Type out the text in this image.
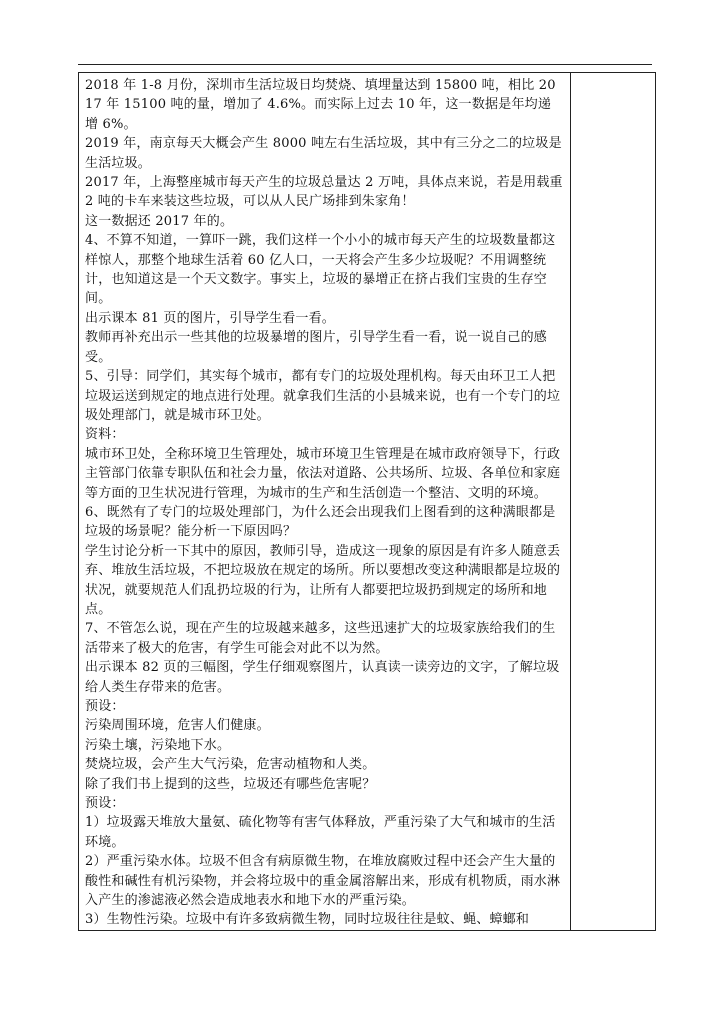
2018 年 1-8 月份，深圳市生活垃圾日均焚烧、填埋量达到 15800 吨，相比 2017 年 15100 吨的量，增加了 4.6%。而实际上过去 10 年，这一数据是年均递增 6%。

2019 年，南京每天大概会产生 8000 吨左右生活垃圾，其中有三分之二的垃圾是生活垃圾。

2017 年，上海整座城市每天产生的垃圾总量达 2 万吨，具体点来说，若是用载重 2 吨的卡车来装这些垃圾，可以从人民广场排到朱家角！

这一数据还 2017 年的。

4、不算不知道，一算吓一跳，我们这样一个小小的城市每天产生的垃圾数量都这样惊人，那整个地球生活着 60 亿人口，一天将会产生多少垃圾呢？不用调整统计，也知道这是一个天文数字。事实上，垃圾的暴增正在挤占我们宝贵的生存空间。

出示课本 81 页的图片，引导学生看一看。

教师再补充出示一些其他的垃圾暴增的图片，引导学生看一看，说一说自己的感受。

5、引导：同学们，其实每个城市，都有专门的垃圾处理机构。每天由环卫工人把垃圾运送到规定的地点进行处理。就拿我们生活的小县城来说，也有一个专门的垃圾处理部门，就是城市环卫处。

资料：

城市环卫处，全称环境卫生管理处，城市环境卫生管理是在城市政府领导下，行政主管部门依靠专职队伍和社会力量，依法对道路、公共场所、垃圾、各单位和家庭等方面的卫生状况进行管理，为城市的生产和生活创造一个整洁、文明的环境。

6、既然有了专门的垃圾处理部门，为什么还会出现我们上图看到的这种满眼都是垃圾的场景呢？能分析一下原因吗？

学生讨论分析一下其中的原因，教师引导，造成这一现象的原因是有许多人随意丢弃、堆放生活垃圾，不把垃圾放在规定的场所。所以要想改变这种满眼都是垃圾的状况，就要规范人们乱扔垃圾的行为，让所有人都要把垃圾扔到规定的场所和地点。

7、不管怎么说，现在产生的垃圾越来越多，这些迅速扩大的垃圾家族给我们的生活带来了极大的危害，有学生可能会对此不以为然。

出示课本 82 页的三幅图，学生仔细观察图片，认真读一读旁边的文字，了解垃圾给人类生存带来的危害。

预设：

污染周围环境，危害人们健康。

污染土壤，污染地下水。

焚烧垃圾，会产生大气污染，危害动植物和人类。

除了我们书上提到的这些，垃圾还有哪些危害呢？

预设：

1）垃圾露天堆放大量氨、硫化物等有害气体释放，严重污染了大气和城市的生活环境。

2）严重污染水体。垃圾不但含有病原微生物，在堆放腐败过程中还会产生大量的酸性和碱性有机污染物，并会将垃圾中的重金属溶解出来，形成有机物质，雨水淋入产生的渗滤液必然会造成地表水和地下水的严重污染。

3）生物性污染。垃圾中有许多致病微生物，同时垃圾往往是蚊、蝇、蟑螂和
